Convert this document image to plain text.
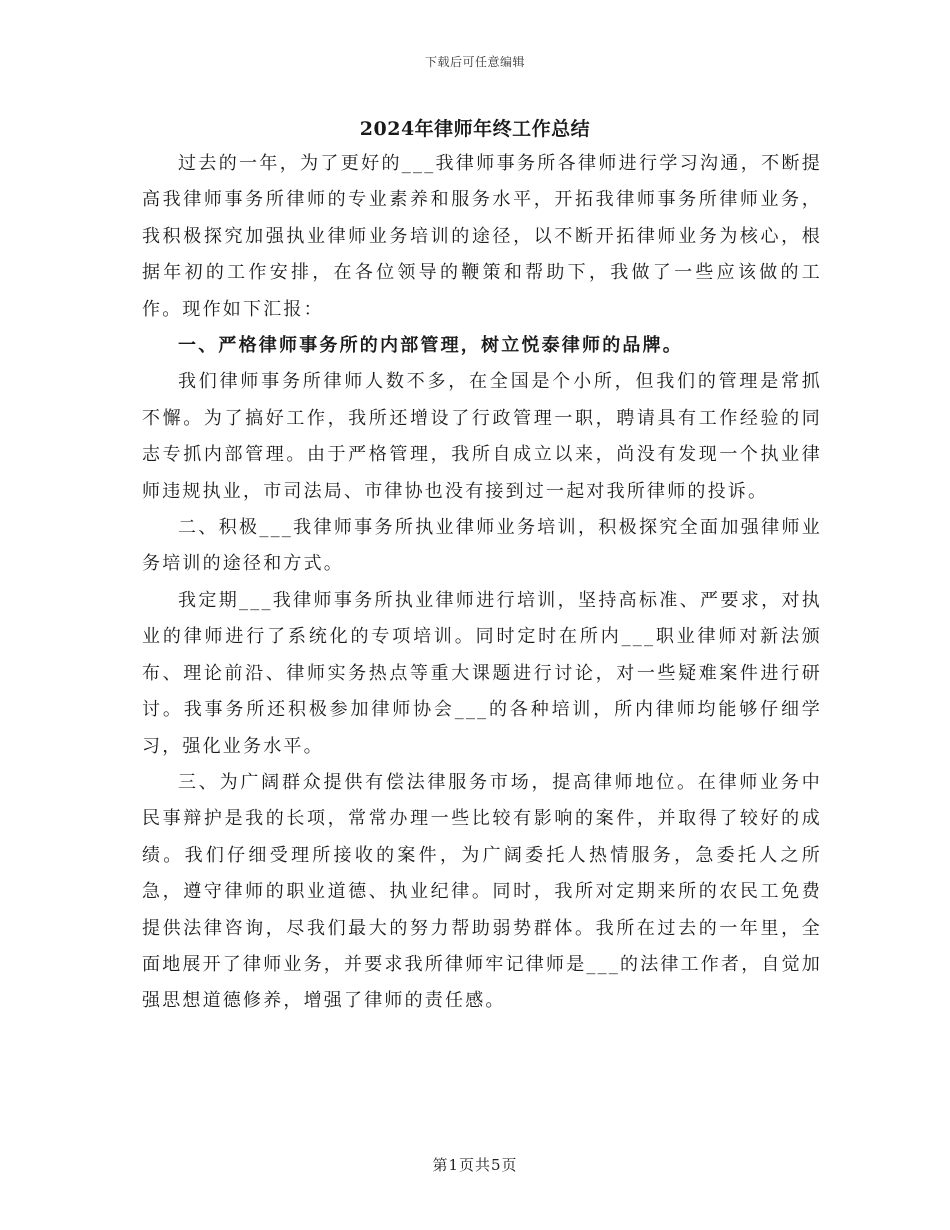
下载后可任意编辑
2024年律师年终工作总结

过去的一年，为了更好的___我律师事务所各律师进行学习沟通，不断提高我律师事务所律师的专业素养和服务水平，开拓我律师事务所律师业务，我积极探究加强执业律师业务培训的途径，以不断开拓律师业务为核心，根据年初的工作安排，在各位领导的鞭策和帮助下，我做了一些应该做的工作。现作如下汇报：

一、严格律师事务所的内部管理，树立悦泰律师的品牌。

我们律师事务所律师人数不多，在全国是个小所，但我们的管理是常抓不懈。为了搞好工作，我所还增设了行政管理一职，聘请具有工作经验的同志专抓内部管理。由于严格管理，我所自成立以来，尚没有发现一个执业律师违规执业，市司法局、市律协也没有接到过一起对我所律师的投诉。

二、积极___我律师事务所执业律师业务培训，积极探究全面加强律师业务培训的途径和方式。

我定期___我律师事务所执业律师进行培训，坚持高标准、严要求，对执业的律师进行了系统化的专项培训。同时定时在所内___职业律师对新法颁布、理论前沿、律师实务热点等重大课题进行讨论，对一些疑难案件进行研讨。我事务所还积极参加律师协会___的各种培训，所内律师均能够仔细学习，强化业务水平。

三、为广阔群众提供有偿法律服务市场，提高律师地位。在律师业务中民事辩护是我的长项，常常办理一些比较有影响的案件，并取得了较好的成绩。我们仔细受理所接收的案件，为广阔委托人热情服务，急委托人之所急，遵守律师的职业道德、执业纪律。同时，我所对定期来所的农民工免费提供法律咨询，尽我们最大的努力帮助弱势群体。我所在过去的一年里，全面地展开了律师业务，并要求我所律师牢记律师是___的法律工作者，自觉加强思想道德修养，增强了律师的责任感。

第1页共5页
